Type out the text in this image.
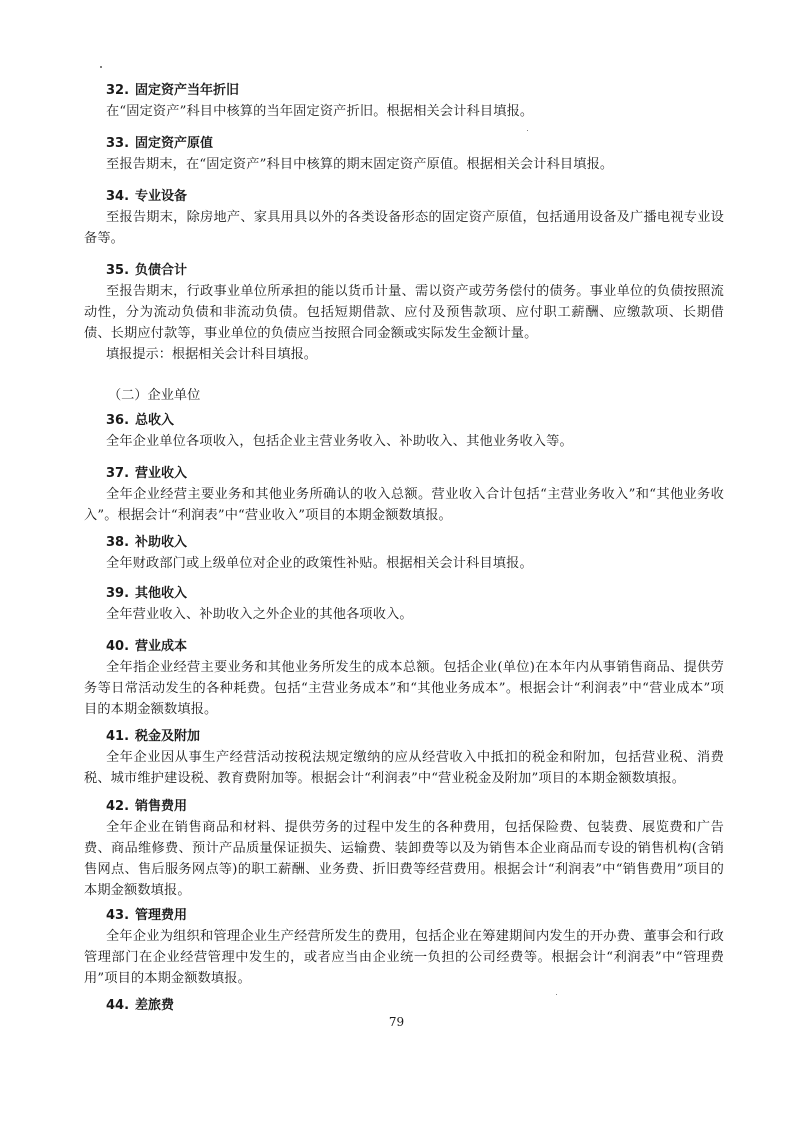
32. 固定资产当年折旧
在“固定资产”科目中核算的当年固定资产折旧。根据相关会计科目填报。
33. 固定资产原值
至报告期末，在“固定资产”科目中核算的期末固定资产原值。根据相关会计科目填报。
34. 专业设备
至报告期末，除房地产、家具用具以外的各类设备形态的固定资产原值，包括通用设备及广播电视专业设备等。
35. 负债合计
至报告期末，行政事业单位所承担的能以货币计量、需以资产或劳务偿付的债务。事业单位的负债按照流动性，分为流动负债和非流动负债。包括短期借款、应付及预售款项、应付职工薪酬、应缴款项、长期借债、长期应付款等，事业单位的负债应当按照合同金额或实际发生金额计量。
填报提示：根据相关会计科目填报。
（二）企业单位
36. 总收入
全年企业单位各项收入，包括企业主营业务收入、补助收入、其他业务收入等。
37. 营业收入
全年企业经营主要业务和其他业务所确认的收入总额。营业收入合计包括“主营业务收入”和“其他业务收入”。根据会计“利润表”中“营业收入”项目的本期金额数填报。
38. 补助收入
全年财政部门或上级单位对企业的政策性补贴。根据相关会计科目填报。
39. 其他收入
全年营业收入、补助收入之外企业的其他各项收入。
40. 营业成本
全年指企业经营主要业务和其他业务所发生的成本总额。包括企业(单位)在本年内从事销售商品、提供劳务等日常活动发生的各种耗费。包括“主营业务成本”和“其他业务成本”。根据会计“利润表”中“营业成本”项目的本期金额数填报。
41. 税金及附加
全年企业因从事生产经营活动按税法规定缴纳的应从经营收入中抵扣的税金和附加，包括营业税、消费税、城市维护建设税、教育费附加等。根据会计“利润表”中“营业税金及附加”项目的本期金额数填报。
42. 销售费用
全年企业在销售商品和材料、提供劳务的过程中发生的各种费用，包括保险费、包装费、展览费和广告费、商品维修费、预计产品质量保证损失、运输费、装卸费等以及为销售本企业商品而专设的销售机构(含销售网点、售后服务网点等)的职工薪酬、业务费、折旧费等经营费用。根据会计“利润表”中“销售费用”项目的本期金额数填报。
43. 管理费用
全年企业为组织和管理企业生产经营所发生的费用，包括企业在筹建期间内发生的开办费、董事会和行政管理部门在企业经营管理中发生的，或者应当由企业统一负担的公司经费等。根据会计“利润表”中“管理费用”项目的本期金额数填报。
44. 差旅费
79
